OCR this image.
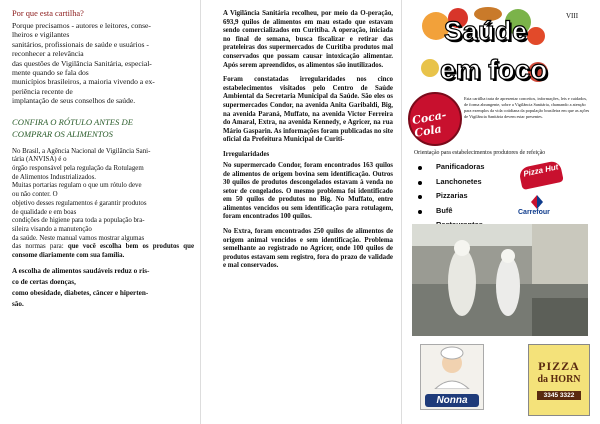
Por que esta cartilha?
Porque precisamos - autores e leitores, conse-
lheiros e vigilantes
sanitários, profissionais de saúde e usuários -
reconhecer a relevância
das questões de Vigilância Sanitária, especial-
mente quando se fala dos
municípios brasileiros, a maioria vivendo a ex-
periência recente de
implantação de seus conselhos de saúde.
CONFIRA O RÓTULO ANTES DE
COMPRAR OS ALIMENTOS
No Brasil, a Agência Nacional de Vigilância Sani-
tária (ANVISA) é o
órgão responsável pela regulação da Rotulagem
de Alimentos Industrializados.
Muitas portarias regulam o que um rótulo deve
ou não conter. O
objetivo desses regulamentos é garantir produtos
de qualidade e em boas
condições de higiene para toda a população bra-
sileira visando a manutenção
da saúde. Neste manual vamos mostrar algumas
das normas para: que você escolha bem os produtos que consome diariamente com sua família.
A escolha de alimentos saudáveis reduz o ris-
co de certas doenças,
como obesidade, diabetes, câncer e hiperten-
são.

A Vigilância Sanitária recolheu, por meio da O-peração, 693,9 quilos de alimentos em mau estado que estavam sendo comercializados em Curitiba. A operação, iniciada no final de semana, busca fiscalizar e retirar das prateleiras dos supermercados de Curitiba produtos mal conservados que possam causar intoxicação alimentar. Após serem apreendidos, os alimentos são inutilizados.

Foram constatadas irregularidades nos cinco estabelecimentos visitados pelo Centro de Saúde Ambiental da Secretaria Municipal da Saúde. São eles os supermercados Condor, na avenida Anita Garibaldi, Big, na avenida Paraná, Muffato, na avenida Victor Ferreira do Amaral, Extra, na avenida Kennedy, e Agricer, na rua Mário Gasparin. As informações foram publicadas no site oficial da Prefeitura Municipal de Curiti-

Irregularidades

No supermercado Condor, foram encontrados 163 quilos de alimentos de origem bovina sem identificação. Outros 30 quilos de produtos descongelados estavam à venda no setor de congelados. O mesmo problema foi identificado em 50 quilos de produtos no Big. No Muffato, entre alimentos vencidos ou sem identificação para rotulagem, foram encontrados 100 quilos.

No Extra, foram encontrados 250 quilos de alimentos de origem animal vencidos e sem identificação. Problema semelhante ao registrado no Agricer, onde 100 quilos de produtos estavam sem registro, fora do prazo de validade e mal conservados.

Saúde
em foco
VIII
Coca-Cola
Esta cartilha trata de apresentar conceitos, informações, leis e cuidados, de forma abrangente, sobre a Vigilância Sanitária, chamando a atenção para exemplos da vida cotidiana da população brasileira em que as ações de Vigilância Sanitária devem estar presentes.
Orientação para estabelecimentos produtores de refeição
Panificadoras
Lanchonetes
Pizzarias
Bufê
Pizza Hut
Carrefour
Nonna
PIZZA
da HORN
3345 3322
